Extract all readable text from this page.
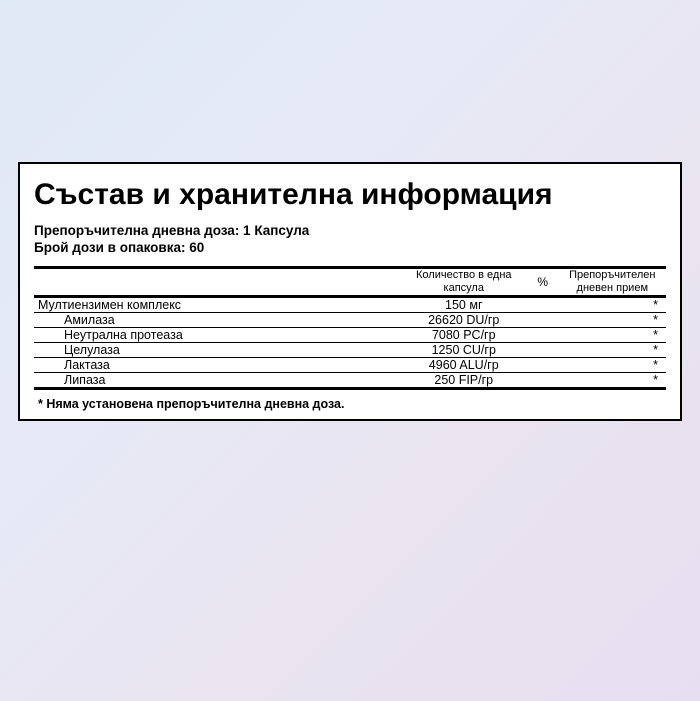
Състав и хранителна информация
Препоръчителна дневна доза: 1 Капсула
Брой дози в опаковка: 60
	Количество в една капсула	%	Препоръчителен дневен прием
Мултиензимен комплекс	150 мг		*
Амилаза	26620 DU/гр		*
Неутрална протеаза	7080 PC/гр		*
Целулаза	1250 CU/гр		*
Лактаза	4960 ALU/гр		*
Липаза	250 FIP/гр		*
* Няма установена препоръчителна дневна доза.
